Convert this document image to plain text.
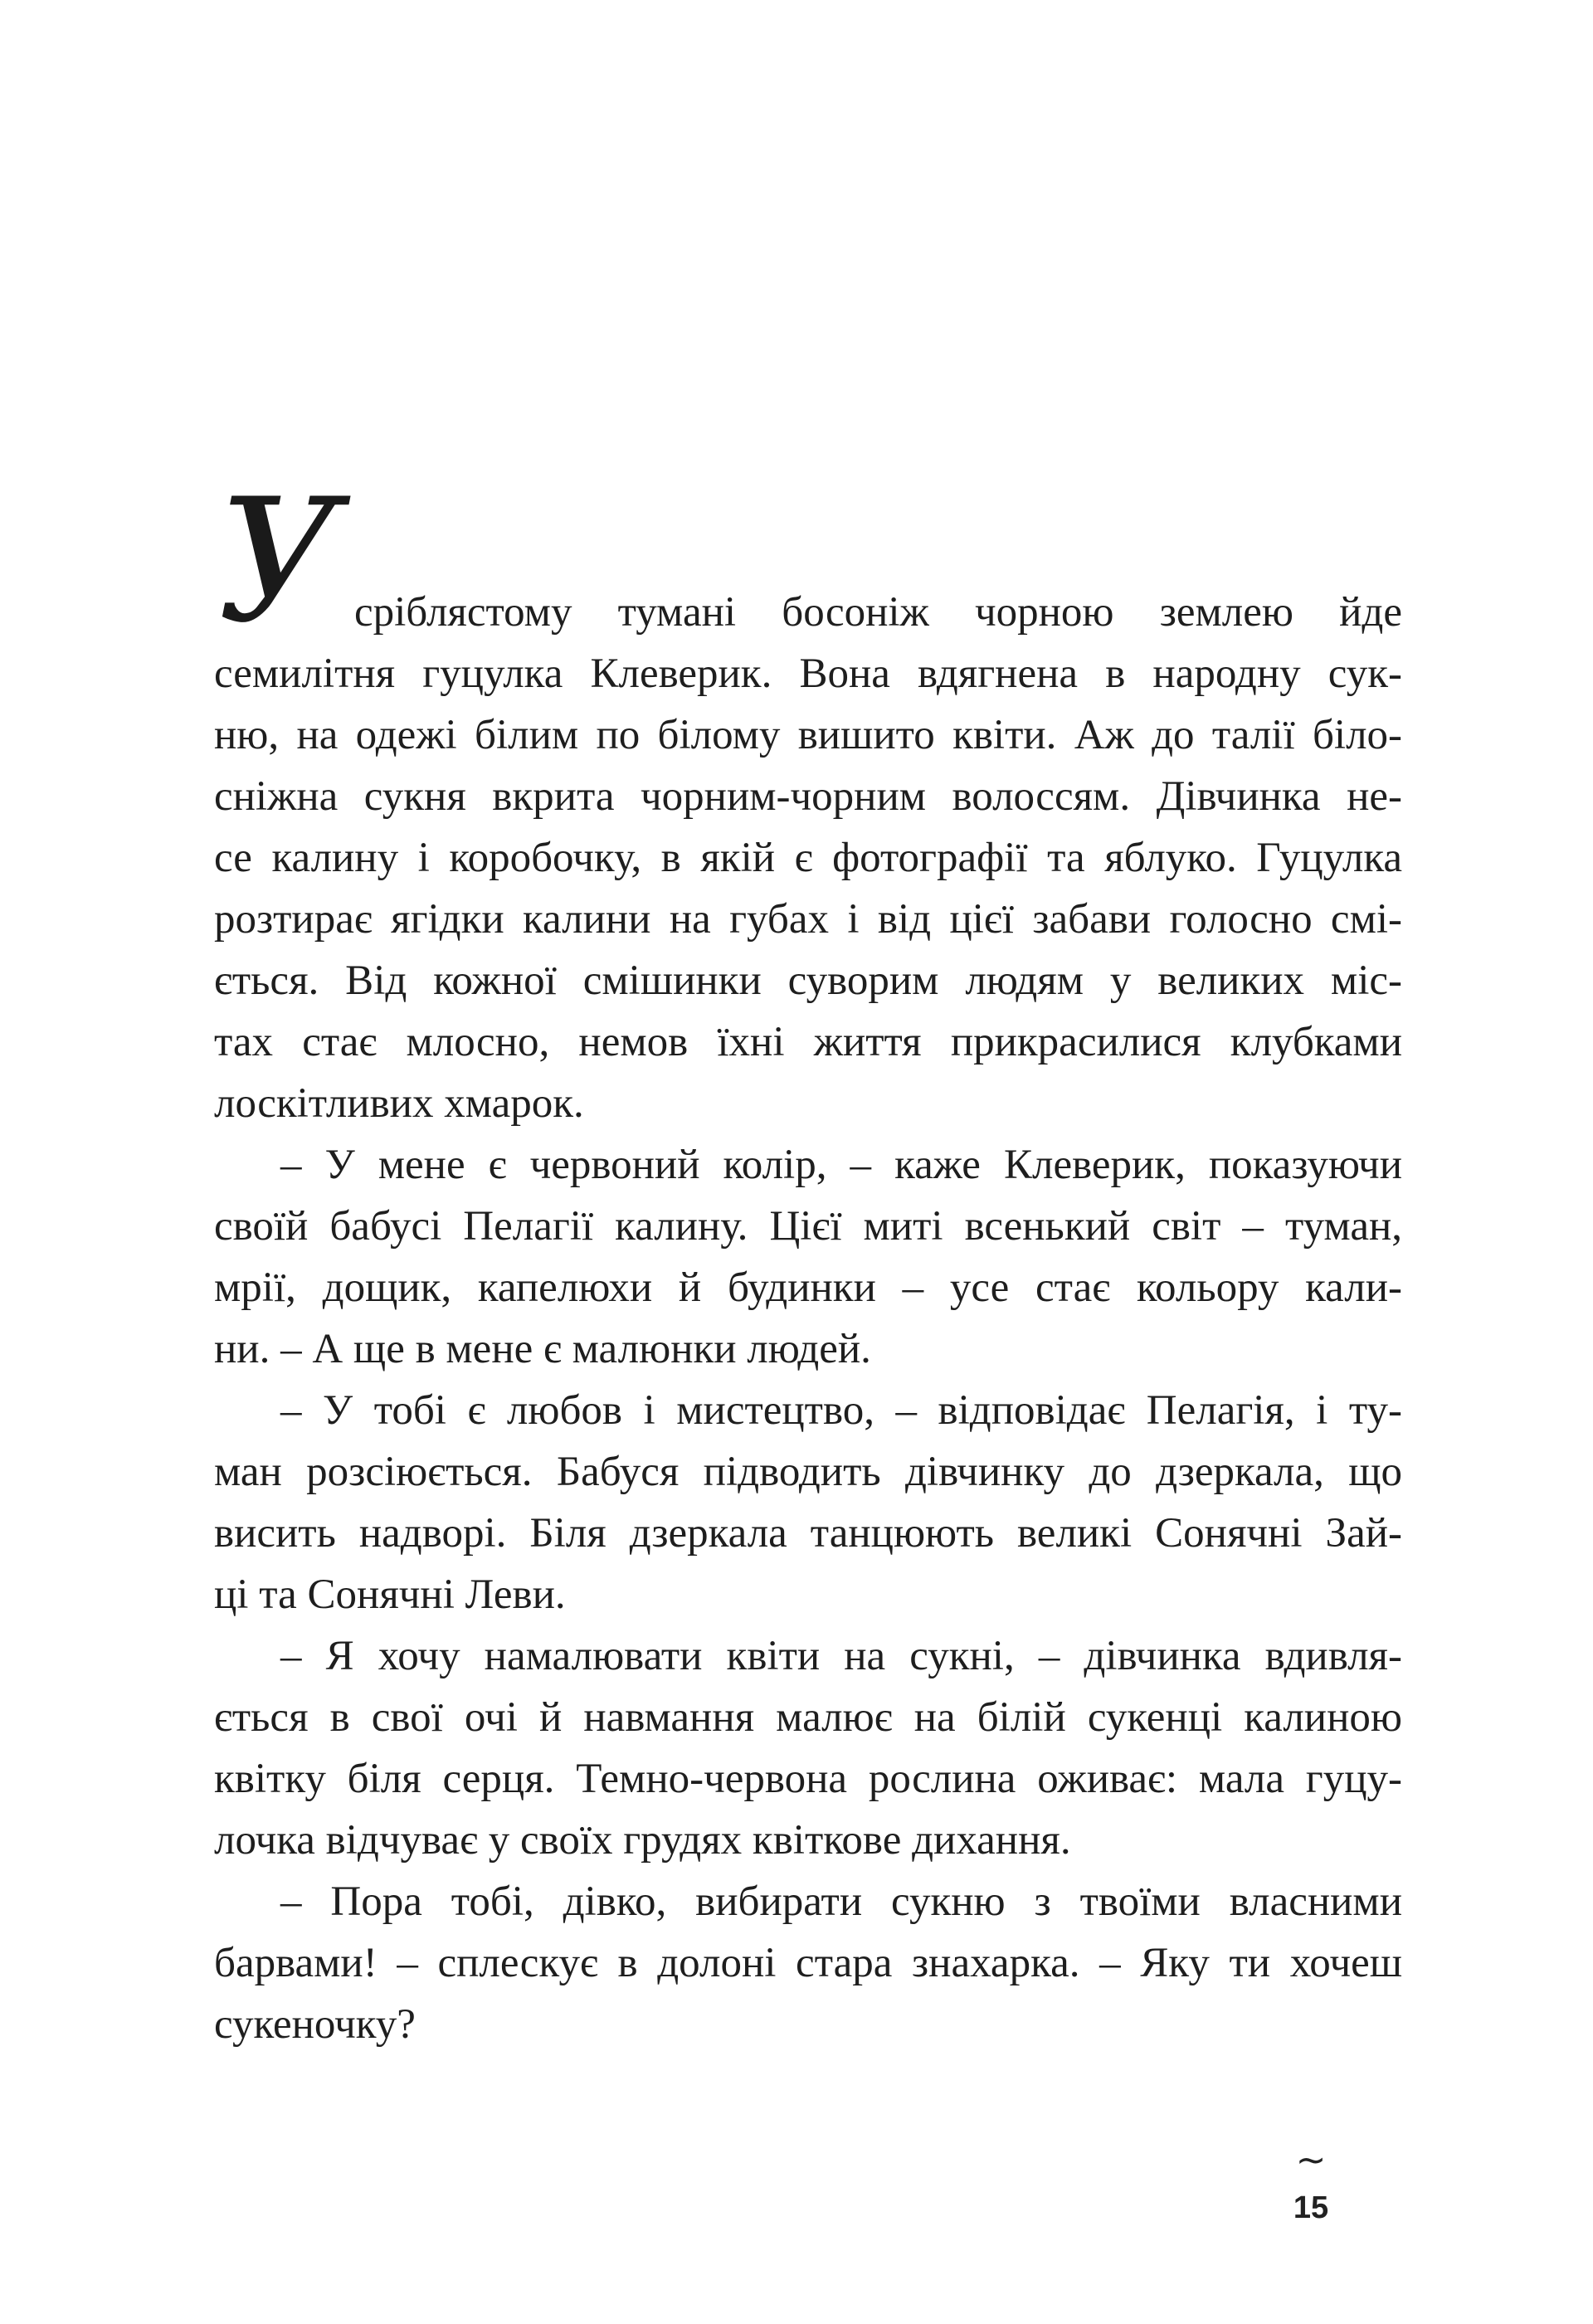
У сріблястому тумані босоніж чорною землею йде
семилітня гуцулка Клеверик. Вона вдягнена в народну сук-
ню, на одежі білим по білому вишито квіти. Аж до талії біло-
сніжна сукня вкрита чорним-чорним волоссям. Дівчинка не-
се калину і коробочку, в якій є фотографії та яблуко. Гуцулка
розтирає ягідки калини на губах і від цієї забави голосно смі-
ється. Від кожної смішинки суворим людям у великих міс-
тах стає млосно, немов їхні життя прикрасилися клубками
лоскітливих хмарок.
– У мене є червоний колір, – каже Клеверик, показуючи
своїй бабусі Пелагії калину. Цієї миті всенький світ – туман,
мрії, дощик, капелюхи й будинки – усе стає кольору кали-
ни. – А ще в мене є малюнки людей.
– У тобі є любов і мистецтво, – відповідає Пелагія, і ту-
ман розсіюється. Бабуся підводить дівчинку до дзеркала, що
висить надворі. Біля дзеркала танцюють великі Сонячні Зай-
ці та Сонячні Леви.
– Я хочу намалювати квіти на сукні, – дівчинка вдивля-
ється в свої очі й навмання малює на білій сукенці калиною
квітку біля серця. Темно-червона рослина оживає: мала гуцу-
лочка відчуває у своїх грудях квіткове дихання.
– Пора тобі, дівко, вибирати сукню з твоїми власними
барвами! – сплескує в долоні стара знахарка. – Яку ти хочеш
сукеночку?
~
15
